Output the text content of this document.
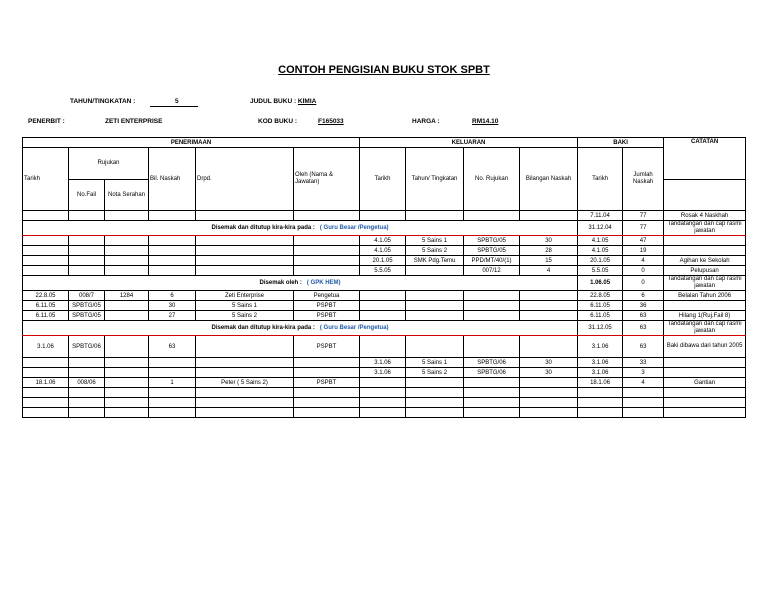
CONTOH PENGISIAN BUKU STOK SPBT
TAHUN/TINGKATAN :	5	JUDUL BUKU : KIMIA
PENERBIT :	ZETI ENTERPRISE	KOD BUKU :	F165033	HARGA :	RM14.10
PENERIMAAN						KELUARAN				BAKI		CATATAN
Tarikh	Rujukan		Bil. Naskah	Drpd.	Oleh (Nama & Jawatan)	Tarikh	Tahun/ Tingkatan	No. Rujukan	Bilangan Naskah	Tarikh	Jumlah Naskah	
	No.Fail	Nota Serahan										
										7.11.04	77	Rosak 4 Naskhah
Disemak dan ditutup kira-kira pada : ( Guru Besar /Pengetua)										31.12.04	77	Tandatangan dan cap rasmi jawatan
						4.1.05	5 Sains 1	SPBTG/05	30	4.1.05	47	
						4.1.05	5 Sains 2	SPBTG/05	28	4.1.05	19	
						20.1.05	SMK Pdg.Temu	PPD/MT/40/(1)	15	20.1.05	4	Agihan ke Sekolah
						5.5.05		007/12	4	5.5.05	0	Pelupusan
Disemak oleh : ( GPK HEM)										1.06.05	0	Tandatangan dan cap rasmi jawatan
22.8.05	008/7	1284	6	Zeti Enterprise	Pengetua					22.8.05	6	Belalan Tahun 2006
6.11.05	SPBTG/05		30	5 Sains 1	PSPBT					6.11.05	36	
6.11.05	SPBTG/05		27	5 Sains 2	PSPBT					6.11.05	63	Hilang 1(Ruj.Fail 8)
Disemak dan ditutup kira-kira pada : ( Guru Besar /Pengetua)										31.12.05	63	Tandatangan dan cap rasmi jawatan
3.1.06	SPBTG/06		63		PSPBT					3.1.06	63	Baki dibawa dari tahun 2005
						3.1.06	5 Sains 1	SPBTG/06	30	3.1.06	33	
						3.1.06	5 Sains 2	SPBTG/06	30	3.1.06	3	
18.1.06	008/06		1	Peter ( 5 Sains 2)	PSPBT					18.1.06	4	Gantian
